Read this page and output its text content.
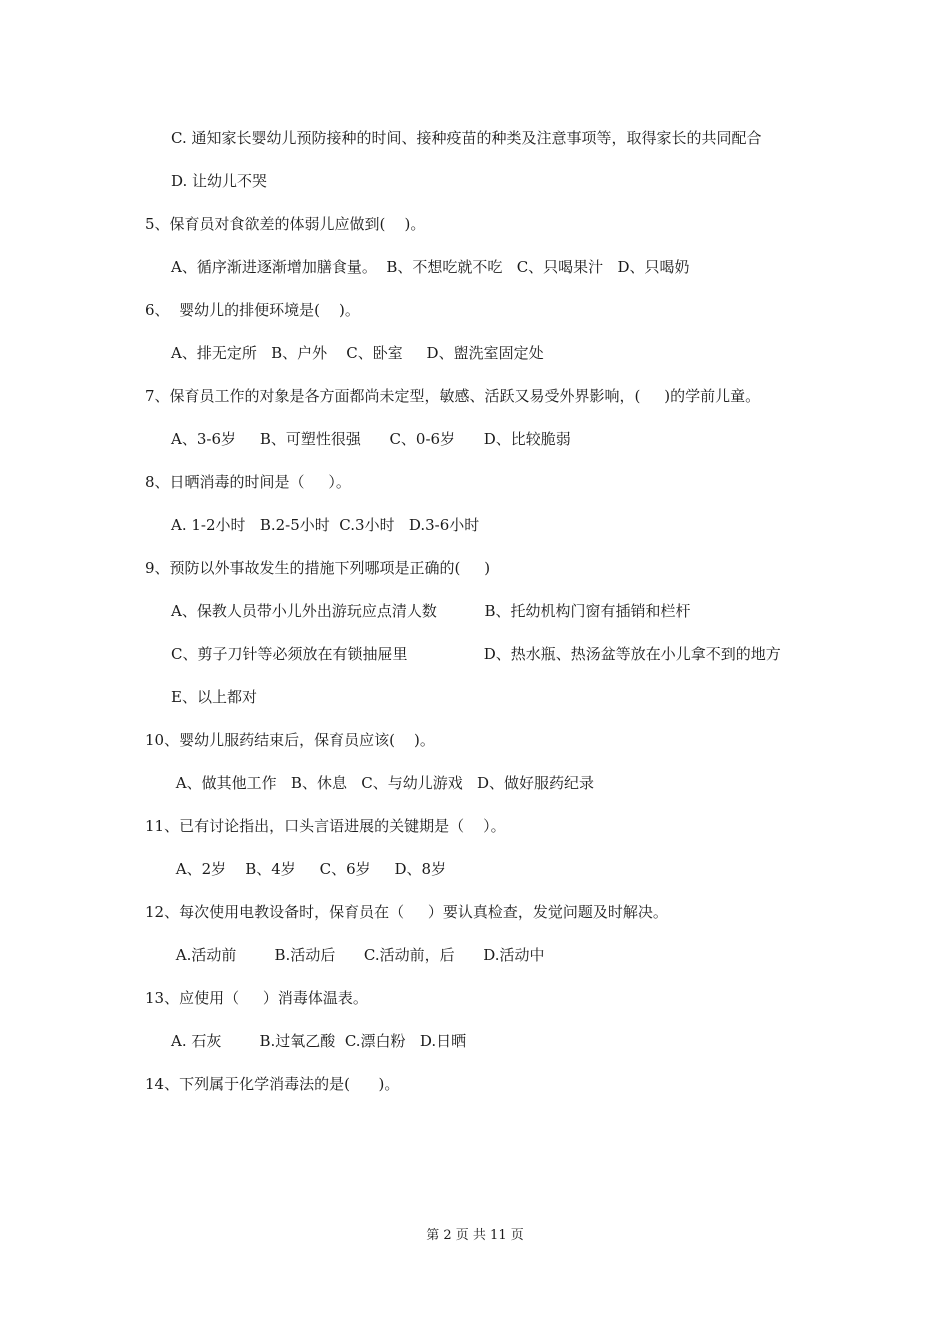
C. 通知家长婴幼儿预防接种的时间、接种疫苗的种类及注意事项等，取得家长的共同配合
D. 让幼儿不哭
5、保育员对食欲差的体弱儿应做到(    )。
A、循序渐进逐渐增加膳食量。  B、不想吃就不吃   C、只喝果汁   D、只喝奶
6、  婴幼儿的排便环境是(    )。
A、排无定所   B、户外    C、卧室     D、盥洗室固定处
7、保育员工作的对象是各方面都尚未定型，敏感、活跃又易受外界影响，(     )的学前儿童。
A、3-6岁     B、可塑性很强      C、0-6岁      D、比较脆弱
8、日晒消毒的时间是（     ）。
A. 1-2小时   B.2-5小时  C.3小时   D.3-6小时
9、预防以外事故发生的措施下列哪项是正确的(     )
A、保教人员带小儿外出游玩应点清人数          B、托幼机构门窗有插销和栏杆
C、剪子刀针等必须放在有锁抽屉里                D、热水瓶、热汤盆等放在小儿拿不到的地方
E、以上都对
10、婴幼儿服药结束后，保育员应该(    )。
A、做其他工作   B、休息   C、与幼儿游戏   D、做好服药纪录
11、已有讨论指出，口头言语进展的关键期是（    ）。
A、2岁    B、4岁     C、6岁     D、8岁
12、每次使用电教设备时，保育员在（     ）要认真检查，发觉问题及时解决。
A.活动前        B.活动后      C.活动前，后      D.活动中
13、应使用（     ）消毒体温表。
A. 石灰        B.过氧乙酸  C.漂白粉   D.日晒
14、下列属于化学消毒法的是(      )。
第 2 页 共 11 页
